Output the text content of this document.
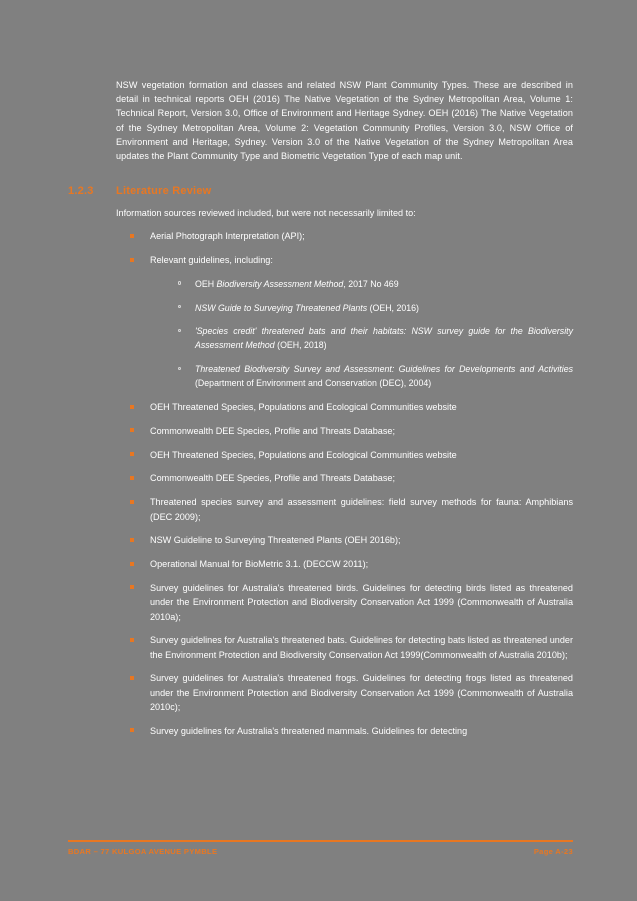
NSW vegetation formation and classes and related NSW Plant Community Types. These are described in detail in technical reports OEH (2016) The Native Vegetation of the Sydney Metropolitan Area, Volume 1: Technical Report, Version 3.0, Office of Environment and Heritage Sydney. OEH (2016) The Native Vegetation of the Sydney Metropolitan Area, Volume 2: Vegetation Community Profiles, Version 3.0, NSW Office of Environment and Heritage, Sydney. Version 3.0 of the Native Vegetation of the Sydney Metropolitan Area updates the Plant Community Type and Biometric Vegetation Type of each map unit.

1.2.3	Literature Review

Information sources reviewed included, but were not necessarily limited to:

Aerial Photograph Interpretation (API);
Relevant guidelines, including:
OEH Biodiversity Assessment Method, 2017 No 469
NSW Guide to Surveying Threatened Plants (OEH, 2016)
'Species credit' threatened bats and their habitats: NSW survey guide for the Biodiversity Assessment Method (OEH, 2018)
Threatened Biodiversity Survey and Assessment: Guidelines for Developments and Activities (Department of Environment and Conservation (DEC), 2004)
OEH Threatened Species, Populations and Ecological Communities website
Commonwealth DEE Species, Profile and Threats Database;
OEH Threatened Species, Populations and Ecological Communities website
Commonwealth DEE Species, Profile and Threats Database;
Threatened species survey and assessment guidelines: field survey methods for fauna: Amphibians (DEC 2009);
NSW Guideline to Surveying Threatened Plants (OEH 2016b);
Operational Manual for BioMetric 3.1. (DECCW 2011);
Survey guidelines for Australia's threatened birds. Guidelines for detecting birds listed as threatened under the Environment Protection and Biodiversity Conservation Act 1999 (Commonwealth of Australia 2010a);
Survey guidelines for Australia's threatened bats. Guidelines for detecting bats listed as threatened under the Environment Protection and Biodiversity Conservation Act 1999(Commonwealth of Australia 2010b);
Survey guidelines for Australia's threatened frogs. Guidelines for detecting frogs listed as threatened under the Environment Protection and Biodiversity Conservation Act 1999 (Commonwealth of Australia 2010c);
Survey guidelines for Australia's threatened mammals. Guidelines for detecting
BDAR – 77 KULGOA AVENUE PYMBLE	Page A-23
